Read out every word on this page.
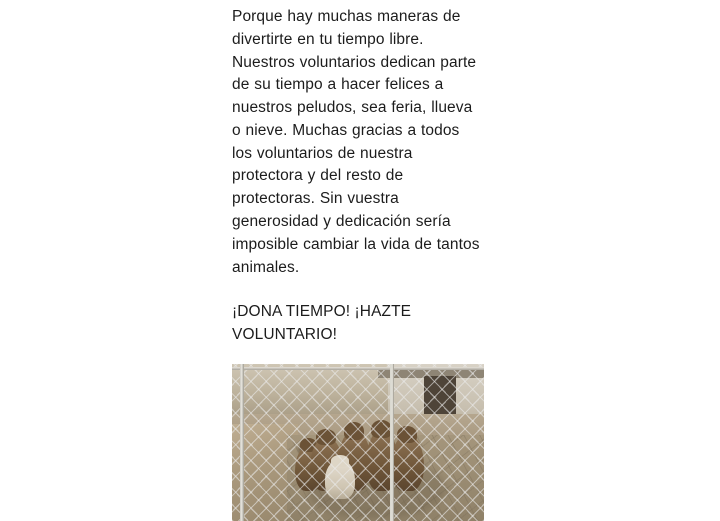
Porque hay muchas maneras de divertirte en tu tiempo libre. Nuestros voluntarios dedican parte de su tiempo a hacer felices a nuestros peludos, sea feria, llueva o nieve. Muchas gracias a todos los voluntarios de nuestra protectora y del resto de protectoras. Sin vuestra generosidad y dedicación sería imposible cambiar la vida de tantos animales.

¡DONA TIEMPO! ¡HAZTE VOLUNTARIO!
